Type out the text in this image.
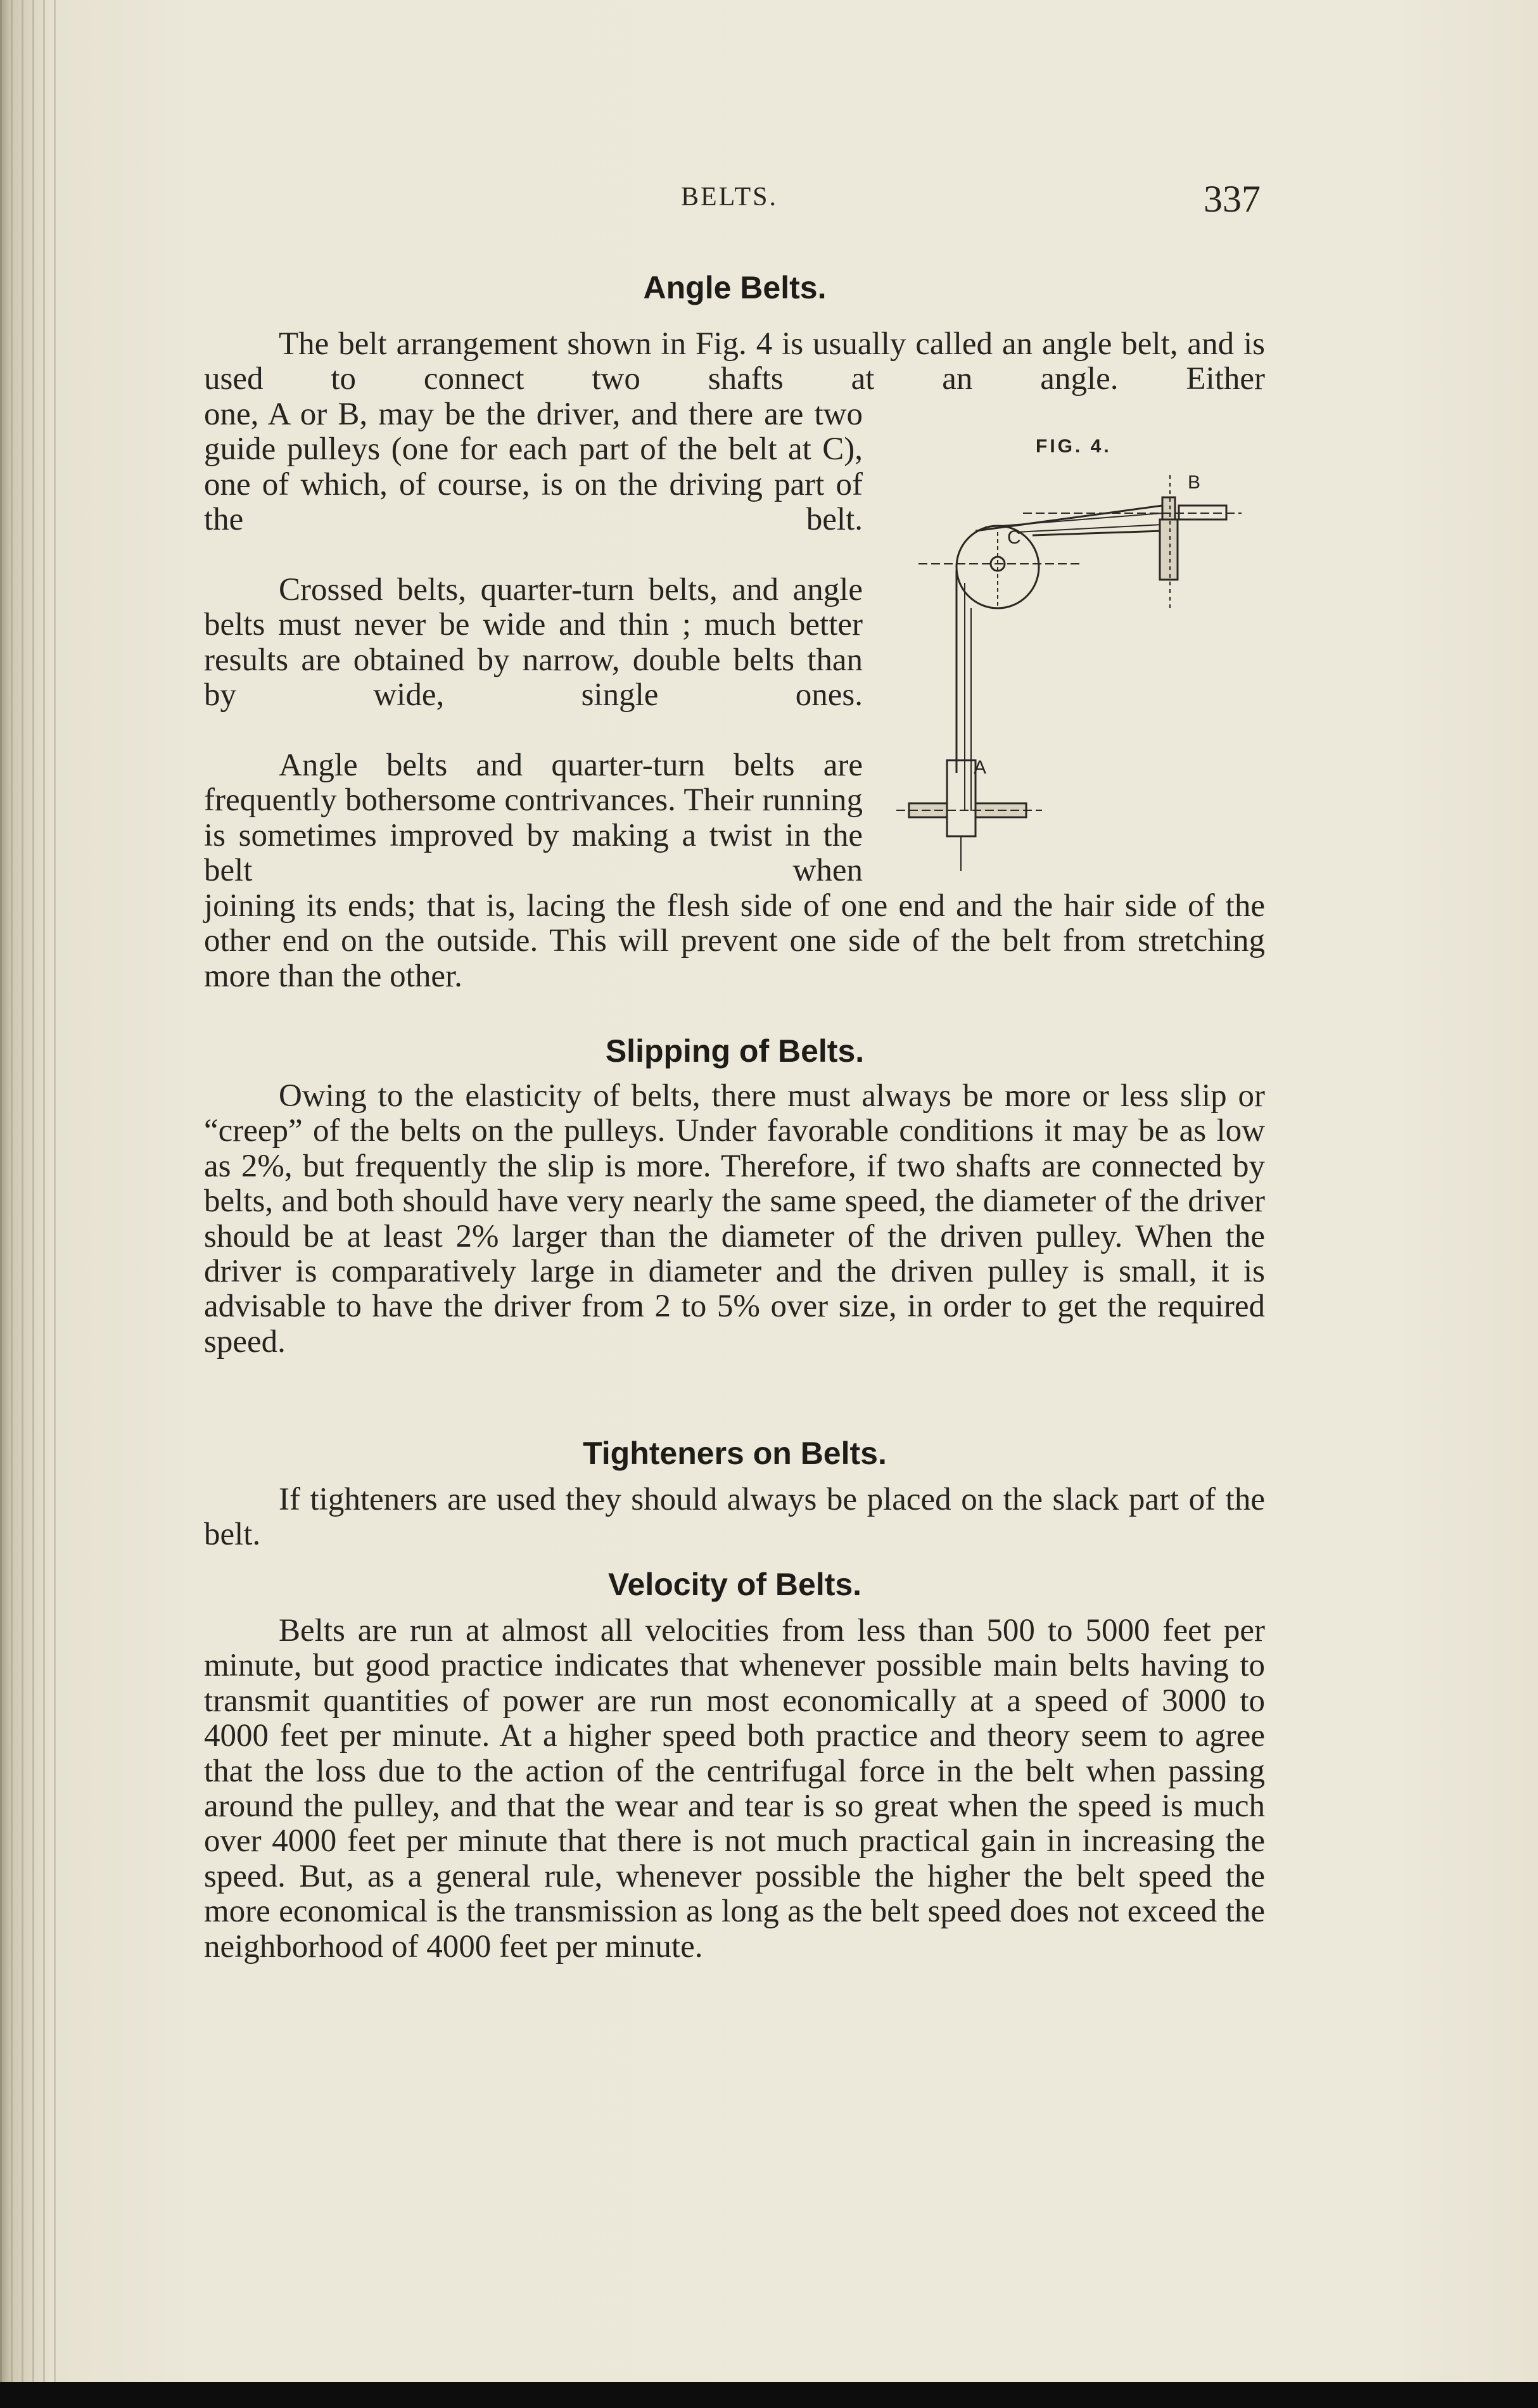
BELTS.	337
Angle Belts.

The belt arrangement shown in Fig. 4 is usually called an angle belt, and is used to connect two shafts at an angle. Either

one, A or B, may be the driver, and there are two guide pulleys (one for each part of the belt at C), one of which, of course, is on the driving part of the belt.

Crossed belts, quarter-turn belts, and angle belts must never be wide and thin ; much better results are obtained by narrow, double belts than by wide, single ones.

Angle belts and quarter-turn belts are frequently bothersome contrivances. Their running is sometimes improved by making a twist in the belt when

joining its ends; that is, lacing the flesh side of one end and the hair side of the other end on the outside. This will prevent one side of the belt from stretching more than the other.

FIG. 4.
C
B
A
Slipping of Belts.

Owing to the elasticity of belts, there must always be more or less slip or “creep” of the belts on the pulleys. Under favorable conditions it may be as low as 2%, but frequently the slip is more. Therefore, if two shafts are connected by belts, and both should have very nearly the same speed, the diameter of the driver should be at least 2% larger than the diameter of the driven pulley. When the driver is comparatively large in diameter and the driven pulley is small, it is advisable to have the driver from 2 to 5% over size, in order to get the required speed.

Tighteners on Belts.

If tighteners are used they should always be placed on the slack part of the belt.

Velocity of Belts.

Belts are run at almost all velocities from less than 500 to 5000 feet per minute, but good practice indicates that whenever possible main belts having to transmit quantities of power are run most economically at a speed of 3000 to 4000 feet per minute. At a higher speed both practice and theory seem to agree that the loss due to the action of the centrifugal force in the belt when passing around the pulley, and that the wear and tear is so great when the speed is much over 4000 feet per minute that there is not much practical gain in increasing the speed. But, as a general rule, whenever possible the higher the belt speed the more economical is the transmission as long as the belt speed does not exceed the neighborhood of 4000 feet per minute.
